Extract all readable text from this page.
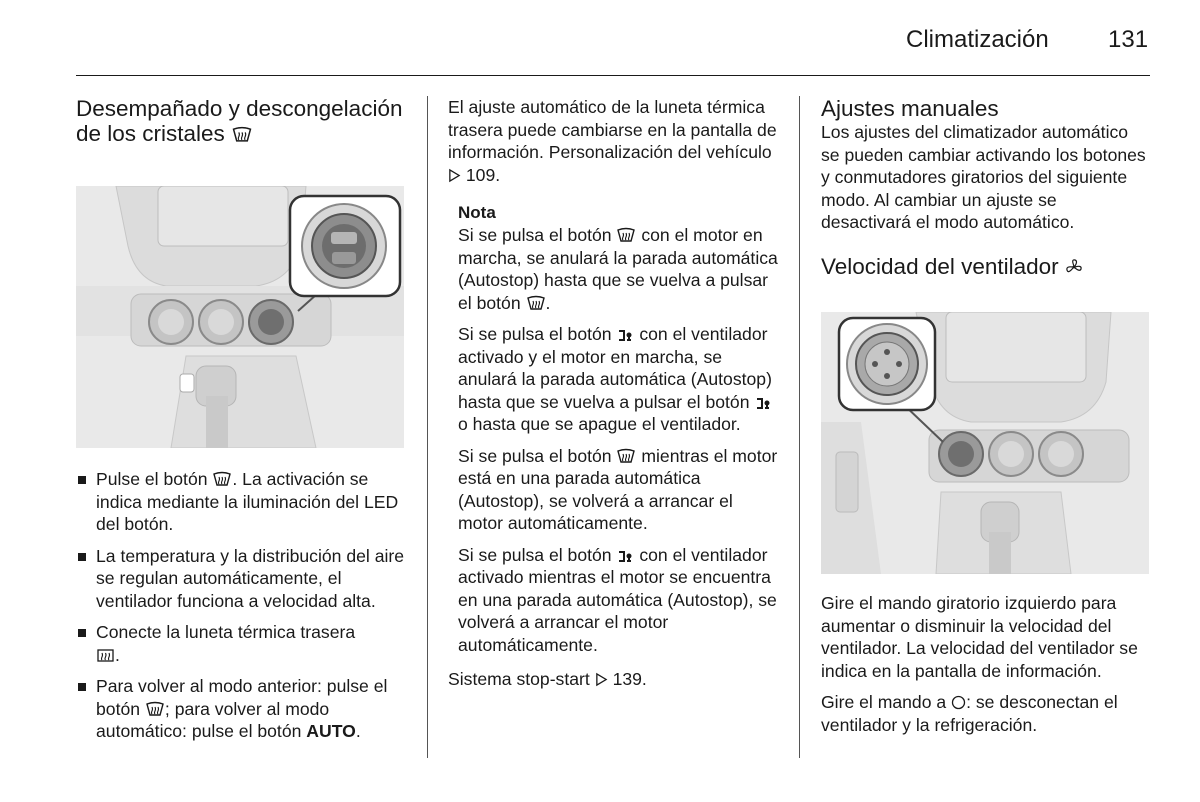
Climatización 131
Desempañado y descongelación de los cristales
Pulse el botón . La activación se indica mediante la iluminación del LED del botón.
La temperatura y la distribución del aire se regulan automáticamente, el ventilador funciona a velocidad alta.
Conecte la luneta térmica trasera .
Para volver al modo anterior: pulse el botón ; para volver al modo automático: pulse el botón AUTO.

El ajuste automático de la luneta térmica trasera puede cambiarse en la pantalla de información. Personalización del vehículo  109.

Nota

Si se pulsa el botón  con el motor en marcha, se anulará la parada automática (Autostop) hasta que se vuelva a pulsar el botón .

Si se pulsa el botón  con el ventilador activado y el motor en marcha, se anulará la parada automática (Autostop) hasta que se vuelva a pulsar el botón  o hasta que se apague el ventilador.

Si se pulsa el botón  mientras el motor está en una parada automática (Autostop), se volverá a arrancar el motor automáticamente.

Si se pulsa el botón  con el ventilador activado mientras el motor se encuentra en una parada automática (Autostop), se volverá a arrancar el motor automáticamente.

Sistema stop-start  139.

Ajustes manuales

Los ajustes del climatizador automático se pueden cambiar activando los botones y conmutadores giratorios del siguiente modo. Al cambiar un ajuste se desactivará el modo automático.

Velocidad del ventilador

Gire el mando giratorio izquierdo para aumentar o disminuir la velocidad del ventilador. La velocidad del ventilador se indica en la pantalla de información.

Gire el mando a : se desconectan el ventilador y la refrigeración.
